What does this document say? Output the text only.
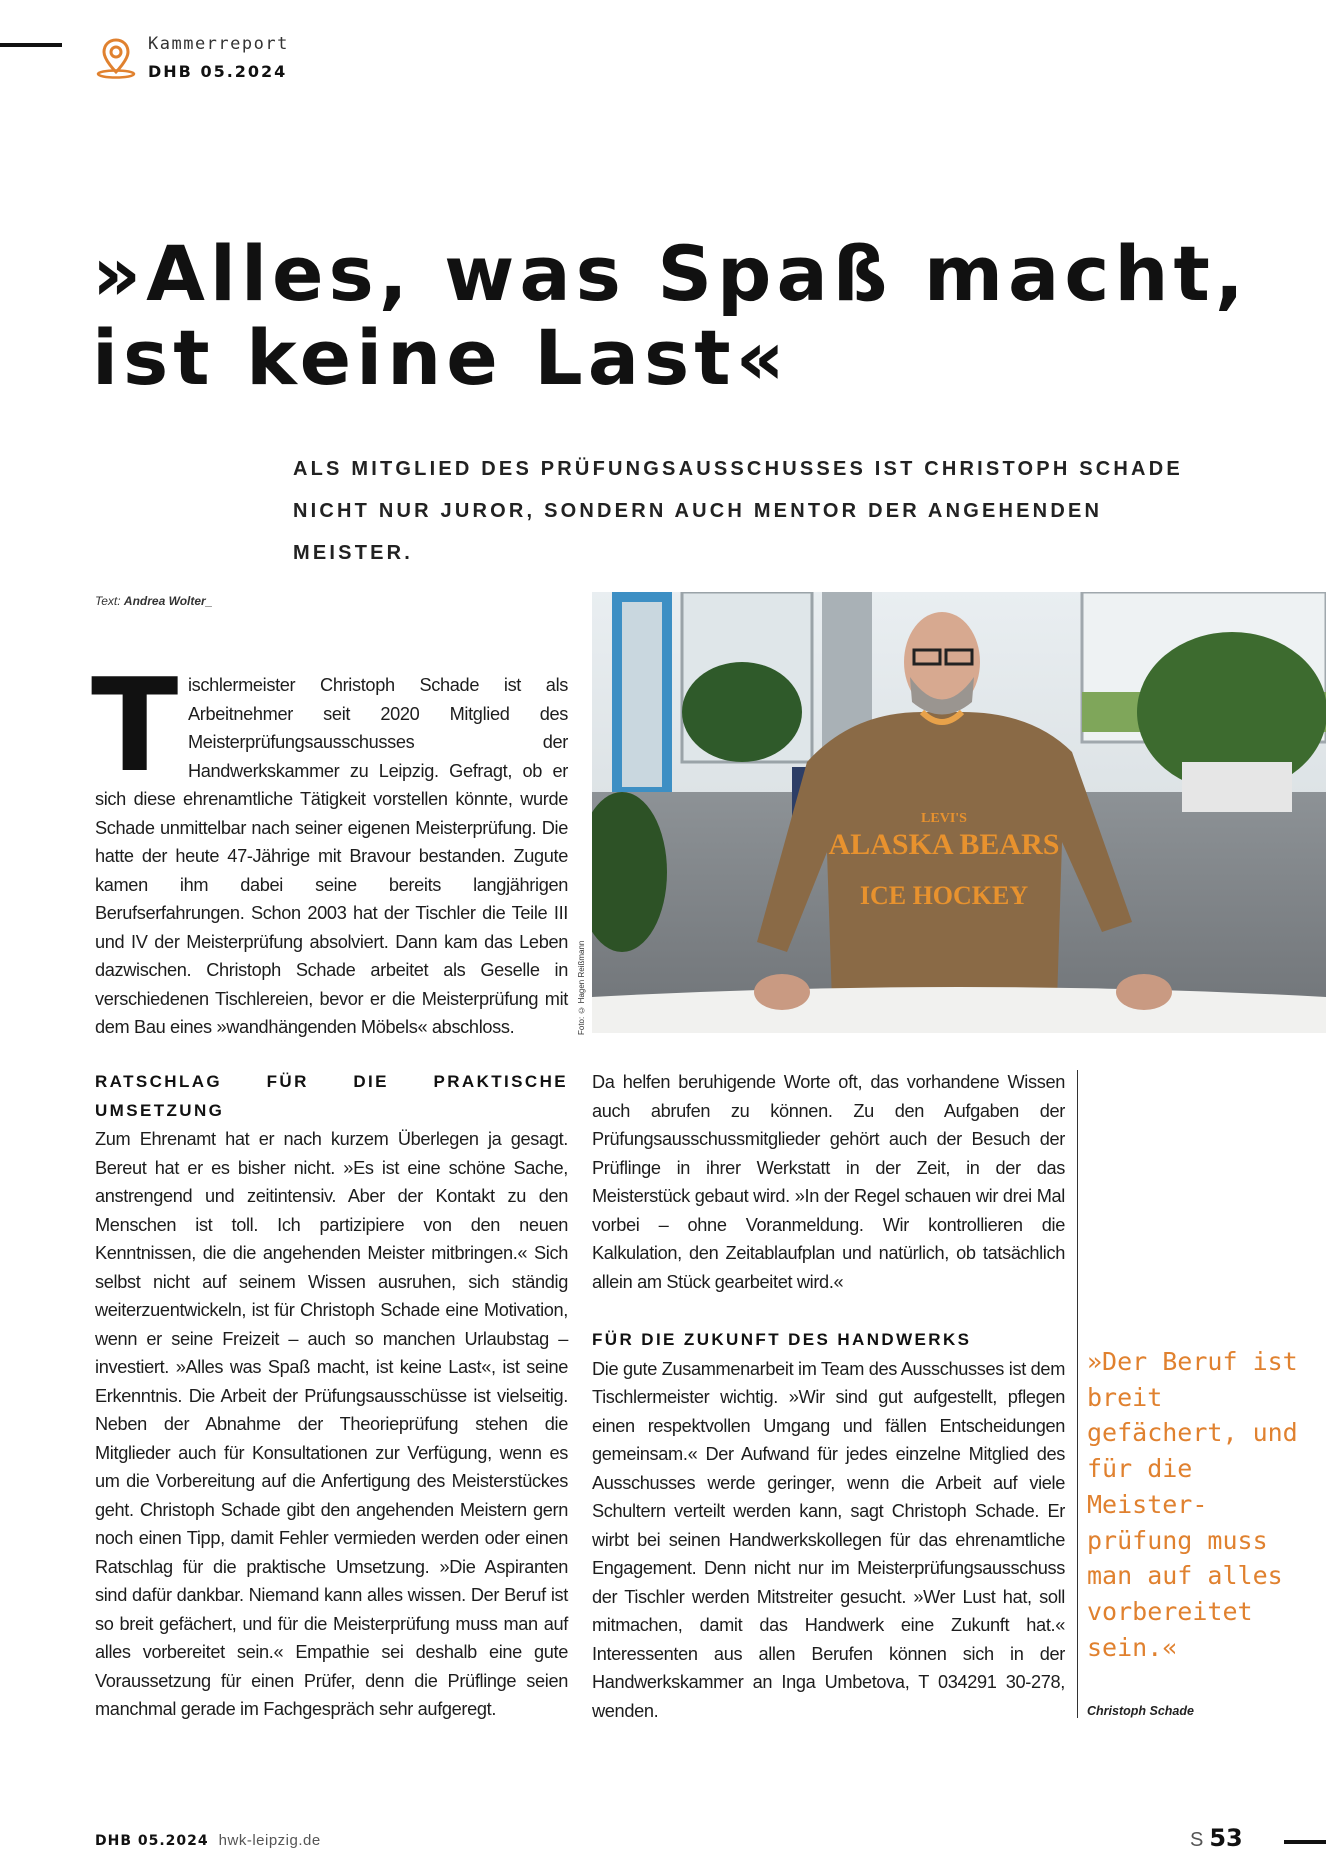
Kammerreport
DHB 05.2024
»Alles, was Spaß macht,
ist keine Last«
ALS MITGLIED DES PRÜFUNGSAUSSCHUSSES IST CHRISTOPH SCHADE
NICHT NUR JUROR, SONDERN AUCH MENTOR DER ANGEHENDEN MEISTER.
Text: Andrea Wolter_
Tischlermeister Christoph Schade ist als Arbeitnehmer seit 2020 Mitglied des Meisterprüfungsausschusses der Handwerkskammer zu Leipzig. Gefragt, ob er sich diese ehrenamtliche Tätigkeit vorstellen könnte, wurde Schade unmittelbar nach seiner eigenen Meisterprüfung. Die hatte der heute 47-Jährige mit Bravour bestanden. Zugute kamen ihm dabei seine bereits langjährigen Berufserfahrungen. Schon 2003 hat der Tischler die Teile III und IV der Meisterprüfung absolviert. Dann kam das Leben dazwischen. Christoph Schade arbeitet als Geselle in verschiedenen Tischlereien, bevor er die Meisterprüfung mit dem Bau eines »wandhängenden Möbels« abschloss.
RATSCHLAG FÜR DIE PRAKTISCHE UMSETZUNG
Zum Ehrenamt hat er nach kurzem Überlegen ja gesagt. Bereut hat er es bisher nicht. »Es ist eine schöne Sache, anstrengend und zeitintensiv. Aber der Kontakt zu den Menschen ist toll. Ich partizipiere von den neuen Kenntnissen, die die angehenden Meister mitbringen.« Sich selbst nicht auf seinem Wissen ausruhen, sich ständig weiterzuentwickeln, ist für Christoph Schade eine Motivation, wenn er seine Freizeit – auch so manchen Urlaubstag – investiert. »Alles was Spaß macht, ist keine Last«, ist seine Erkenntnis. Die Arbeit der Prüfungsausschüsse ist vielseitig. Neben der Abnahme der Theorieprüfung stehen die Mitglieder auch für Konsultationen zur Verfügung, wenn es um die Vorbereitung auf die Anfertigung des Meisterstückes geht. Christoph Schade gibt den angehenden Meistern gern noch einen Tipp, damit Fehler vermieden werden oder einen Ratschlag für die praktische Umsetzung. »Die Aspiranten sind dafür dankbar. Niemand kann alles wissen. Der Beruf ist so breit gefächert, und für die Meisterprüfung muss man auf alles vorbereitet sein.« Empathie sei deshalb eine gute Voraussetzung für einen Prüfer, denn die Prüflinge seien manchmal gerade im Fachgespräch sehr aufgeregt.
Da helfen beruhigende Worte oft, das vorhandene Wissen auch abrufen zu können. Zu den Aufgaben der Prüfungsausschussmitglieder gehört auch der Besuch der Prüflinge in ihrer Werkstatt in der Zeit, in der das Meisterstück gebaut wird. »In der Regel schauen wir drei Mal vorbei – ohne Voranmeldung. Wir kontrollieren die Kalkulation, den Zeitablaufplan und natürlich, ob tatsächlich allein am Stück gearbeitet wird.«
FÜR DIE ZUKUNFT DES HANDWERKS
Die gute Zusammenarbeit im Team des Ausschusses ist dem Tischlermeister wichtig. »Wir sind gut aufgestellt, pflegen einen respektvollen Umgang und fällen Entscheidungen gemeinsam.« Der Aufwand für jedes einzelne Mitglied des Ausschusses werde geringer, wenn die Arbeit auf viele Schultern verteilt werden kann, sagt Christoph Schade. Er wirbt bei seinen Handwerkskollegen für das ehrenamtliche Engagement. Denn nicht nur im Meisterprüfungsausschuss der Tischler werden Mitstreiter gesucht. »Wer Lust hat, soll mitmachen, damit das Handwerk eine Zukunft hat.« Interessenten aus allen Berufen können sich in der Handwerkskammer an Inga Umbetova, T 034291 30-278, wenden.
»Der Beruf ist breit gefächert, und für die Meister-prüfung muss man auf alles vorbereitet sein.«
Christoph Schade
LEVI'S
ALASKA BEARS
ICE HOCKEY
Foto: © Hagen Reißmann
DHB 05.2024 hwk-leipzig.de	S 53
